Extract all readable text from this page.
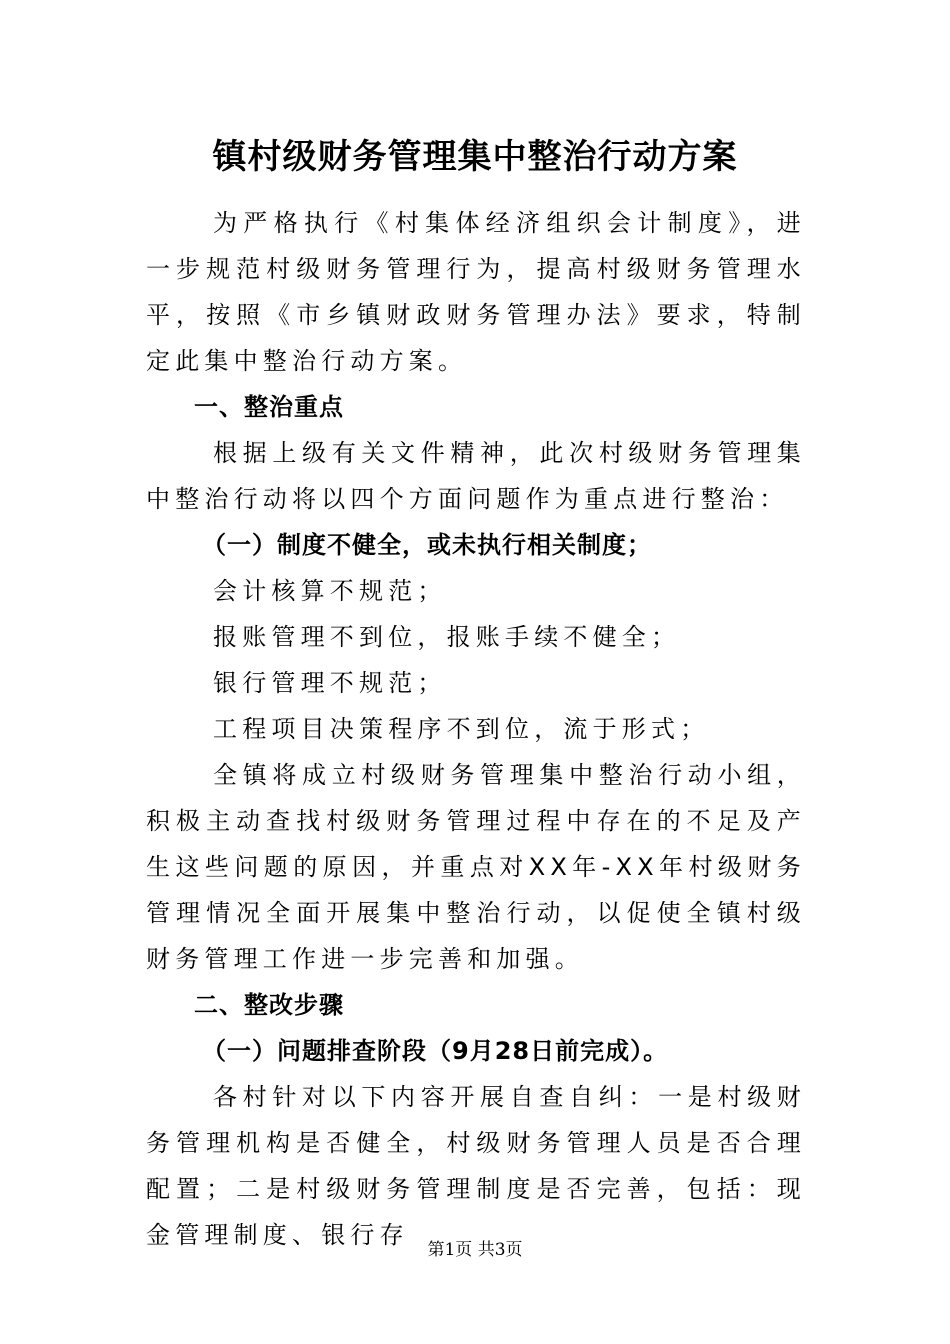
镇村级财务管理集中整治行动方案

为严格执行《村集体经济组织会计制度》，进一步规范村级财务管理行为，提高村级财务管理水平，按照《市乡镇财政财务管理办法》要求，特制定此集中整治行动方案。

一、整治重点

根据上级有关文件精神，此次村级财务管理集中整治行动将以四个方面问题作为重点进行整治：

（一）制度不健全，或未执行相关制度；

会计核算不规范；

报账管理不到位，报账手续不健全；

银行管理不规范；

工程项目决策程序不到位，流于形式；

全镇将成立村级财务管理集中整治行动小组，积极主动查找村级财务管理过程中存在的不足及产生这些问题的原因，并重点对XX年-XX年村级财务管理情况全面开展集中整治行动，以促使全镇村级财务管理工作进一步完善和加强。

二、整改步骤

（一）问题排查阶段（9月28日前完成）。

各村针对以下内容开展自查自纠：一是村级财务管理机构是否健全，村级财务管理人员是否合理配置；二是村级财务管理制度是否完善，包括：现金管理制度、银行存

第1页 共3页
